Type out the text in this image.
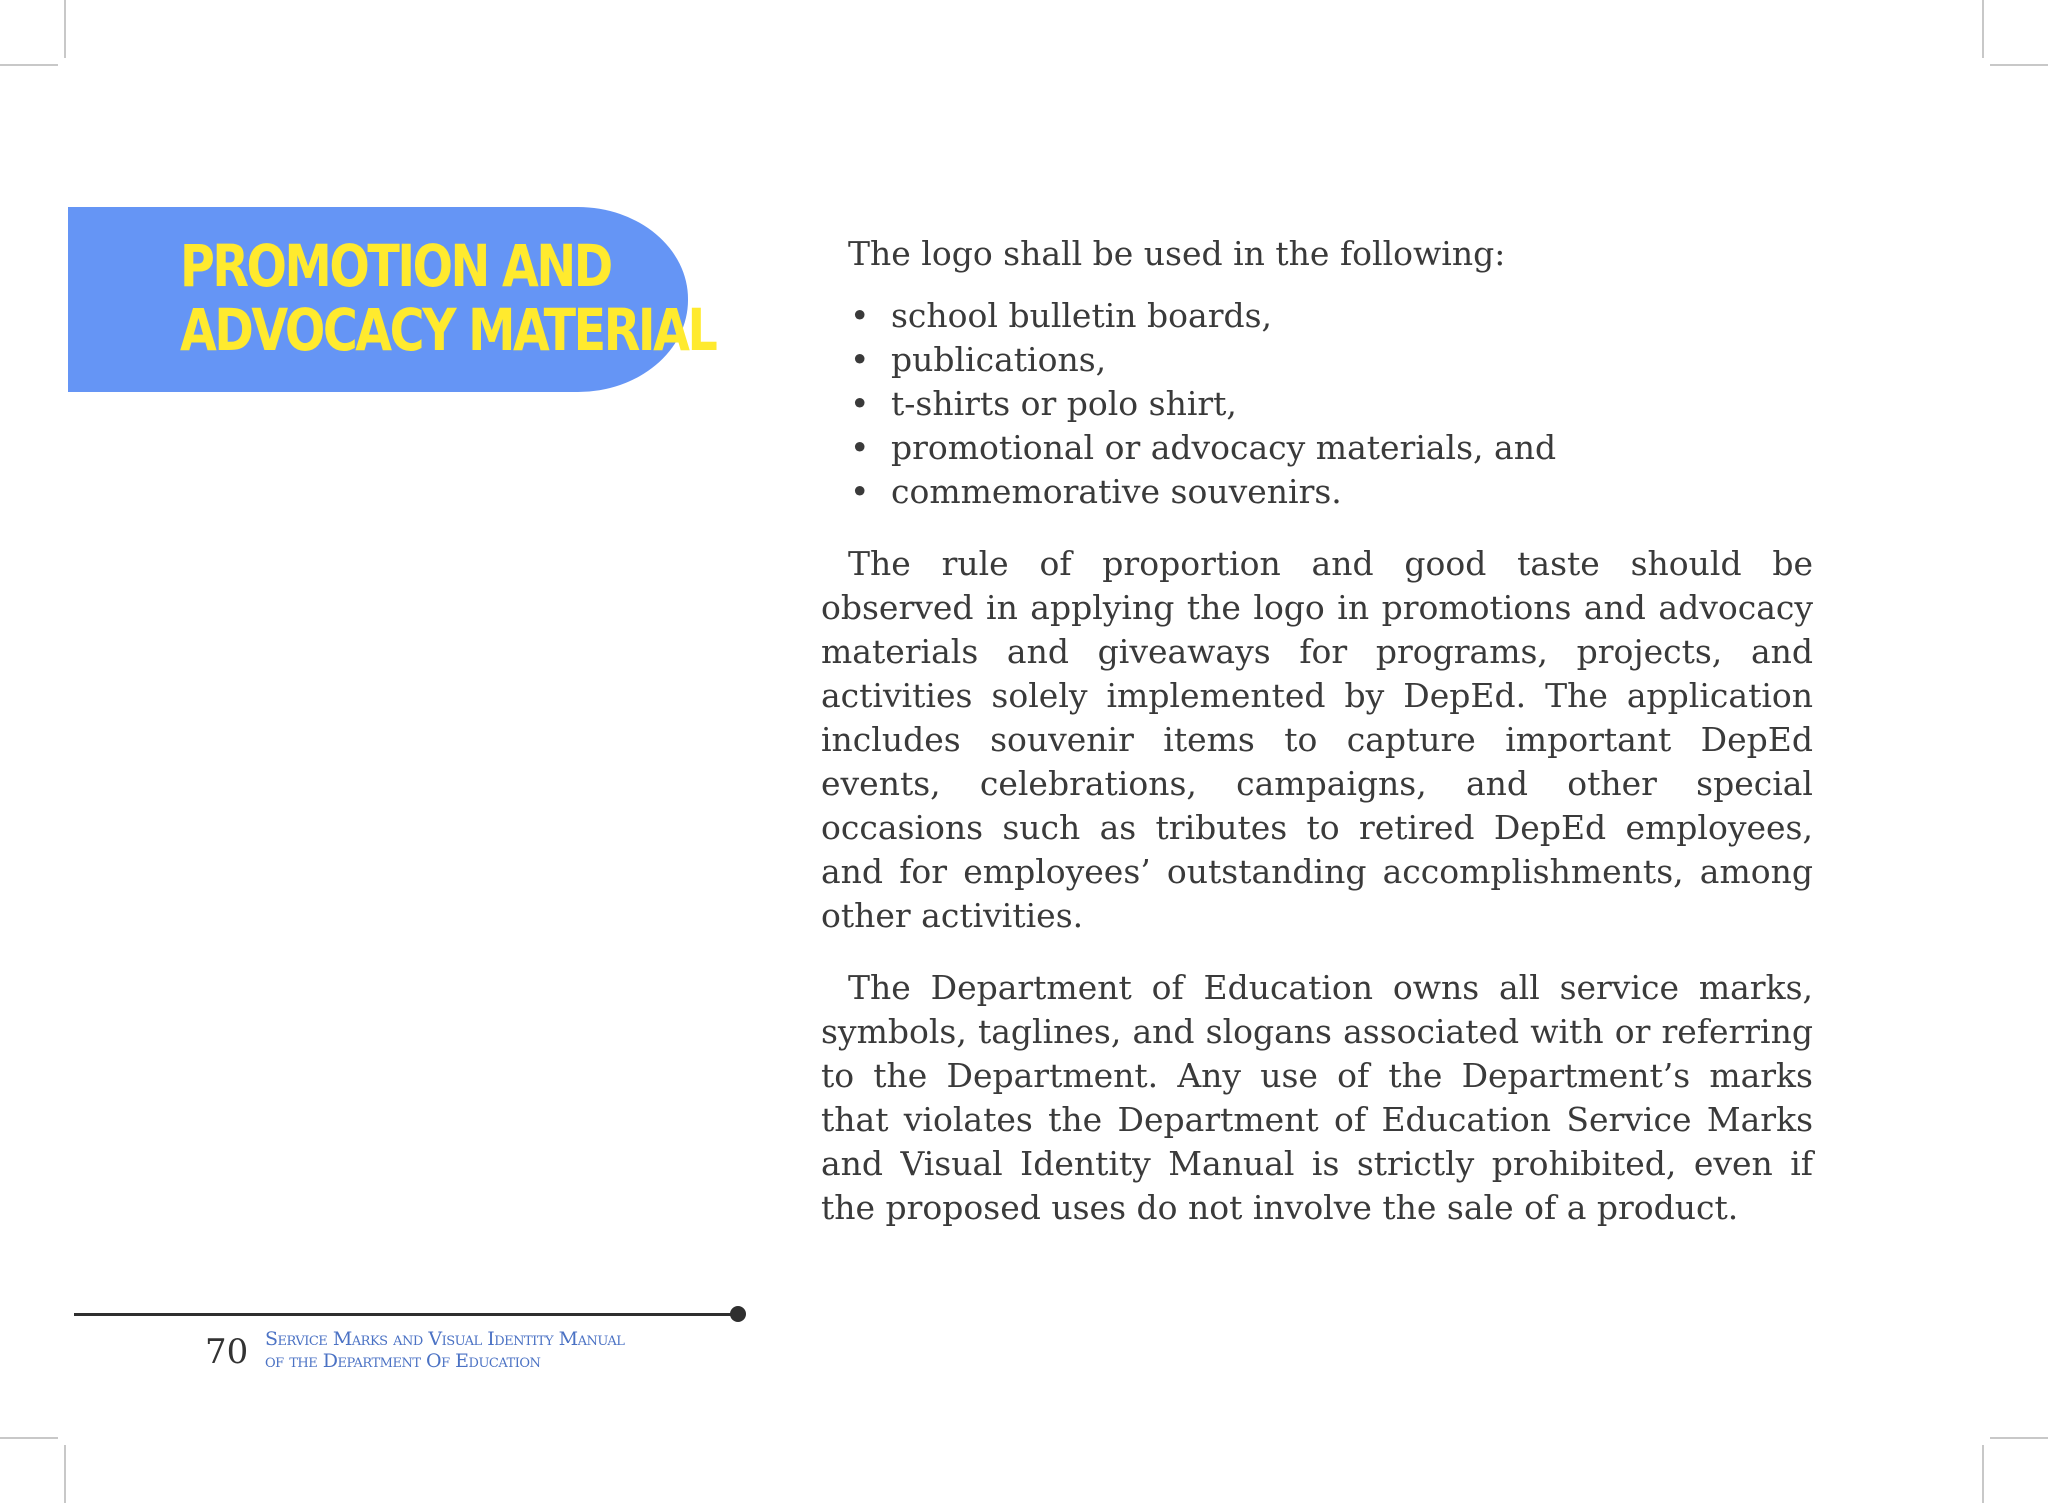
PROMOTION AND
ADVOCACY MATERIAL

The logo shall be used in the following:

• school bulletin boards,
• publications,
• t-shirts or polo shirt,
• promotional or advocacy materials, and
• commemorative souvenirs.

The rule of proportion and good taste should be observed in applying the logo in promotions and advocacy materials and giveaways for programs, projects, and activities solely implemented by DepEd. The application includes souvenir items to capture important DepEd events, celebrations, campaigns, and other special occasions such as tributes to retired DepEd employees, and for employees’ outstanding accomplishments, among other activities.

The Department of Education owns all service marks, symbols, taglines, and slogans associated with or referring to the Department. Any use of the Department’s marks that violates the Department of Education Service Marks and Visual Identity Manual is strictly prohibited, even if the proposed uses do not involve the sale of a product.

70 Service Marks and Visual Identity Manual
of the Department Of Education
